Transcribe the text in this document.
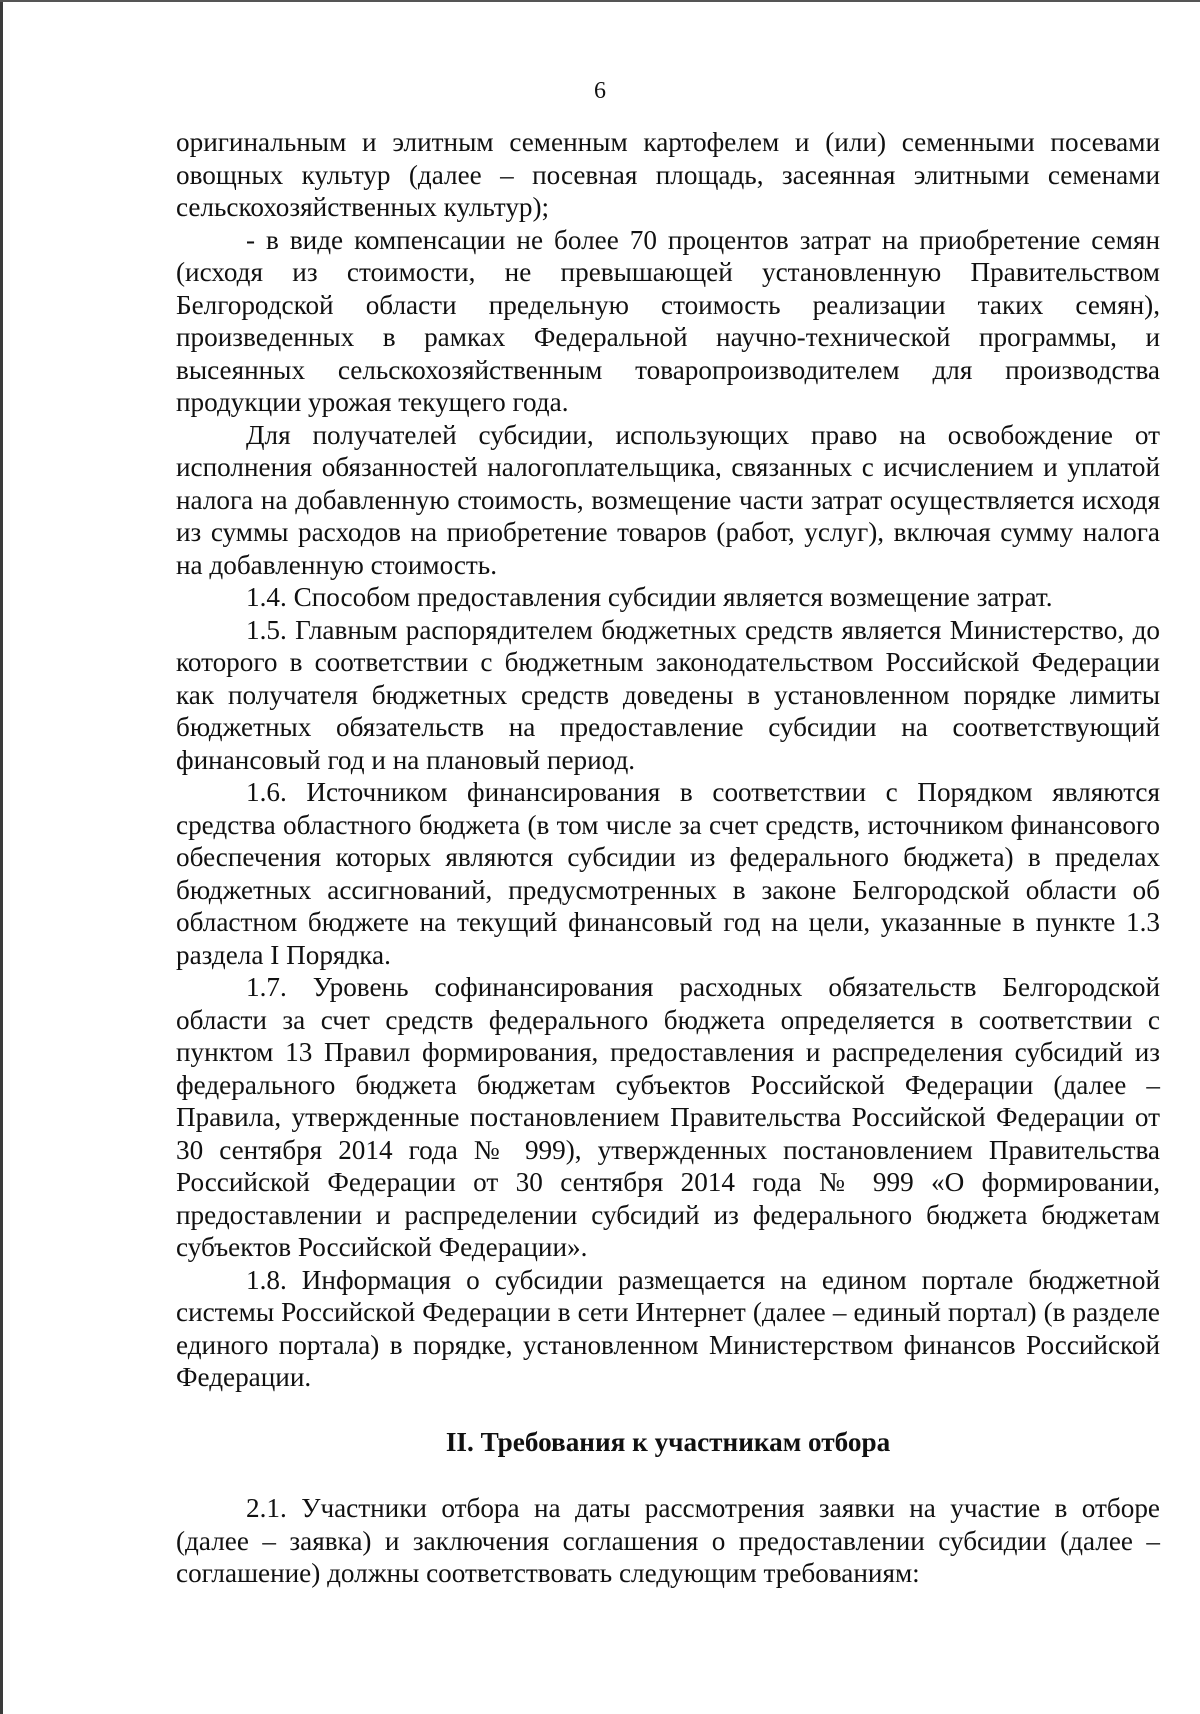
6

оригинальным и элитным семенным картофелем и (или) семенными посевами овощных культур (далее – посевная площадь, засеянная элитными семенами сельскохозяйственных культур);

- в виде компенсации не более 70 процентов затрат на приобретение семян (исходя из стоимости, не превышающей установленную Правительством Белгородской области предельную стоимость реализации таких семян), произведенных в рамках Федеральной научно-технической программы, и высеянных сельскохозяйственным товаропроизводителем для производства продукции урожая текущего года.

Для получателей субсидии, использующих право на освобождение от исполнения обязанностей налогоплательщика, связанных с исчислением и уплатой налога на добавленную стоимость, возмещение части затрат осуществляется исходя из суммы расходов на приобретение товаров (работ, услуг), включая сумму налога на добавленную стоимость.

1.4. Способом предоставления субсидии является возмещение затрат.

1.5. Главным распорядителем бюджетных средств является Министерство, до которого в соответствии с бюджетным законодательством Российской Федерации как получателя бюджетных средств доведены в установленном порядке лимиты бюджетных обязательств на предоставление субсидии на соответствующий финансовый год и на плановый период.

1.6. Источником финансирования в соответствии с Порядком являются средства областного бюджета (в том числе за счет средств, источником финансового обеспечения которых являются субсидии из федерального бюджета) в пределах бюджетных ассигнований, предусмотренных в законе Белгородской области об областном бюджете на текущий финансовый год на цели, указанные в пункте 1.3 раздела I Порядка.

1.7. Уровень софинансирования расходных обязательств Белгородской области за счет средств федерального бюджета определяется в соответствии с пунктом 13 Правил формирования, предоставления и распределения субсидий из федерального бюджета бюджетам субъектов Российской Федерации (далее – Правила, утвержденные постановлением Правительства Российской Федерации от 30 сентября 2014 года № 999), утвержденных постановлением Правительства Российской Федерации от 30 сентября 2014 года № 999 «О формировании, предоставлении и распределении субсидий из федерального бюджета бюджетам субъектов Российской Федерации».

1.8. Информация о субсидии размещается на едином портале бюджетной системы Российской Федерации в сети Интернет (далее – единый портал) (в разделе единого портала) в порядке, установленном Министерством финансов Российской Федерации.

II. Требования к участникам отбора

2.1. Участники отбора на даты рассмотрения заявки на участие в отборе (далее – заявка) и заключения соглашения о предоставлении субсидии (далее – соглашение) должны соответствовать следующим требованиям:
